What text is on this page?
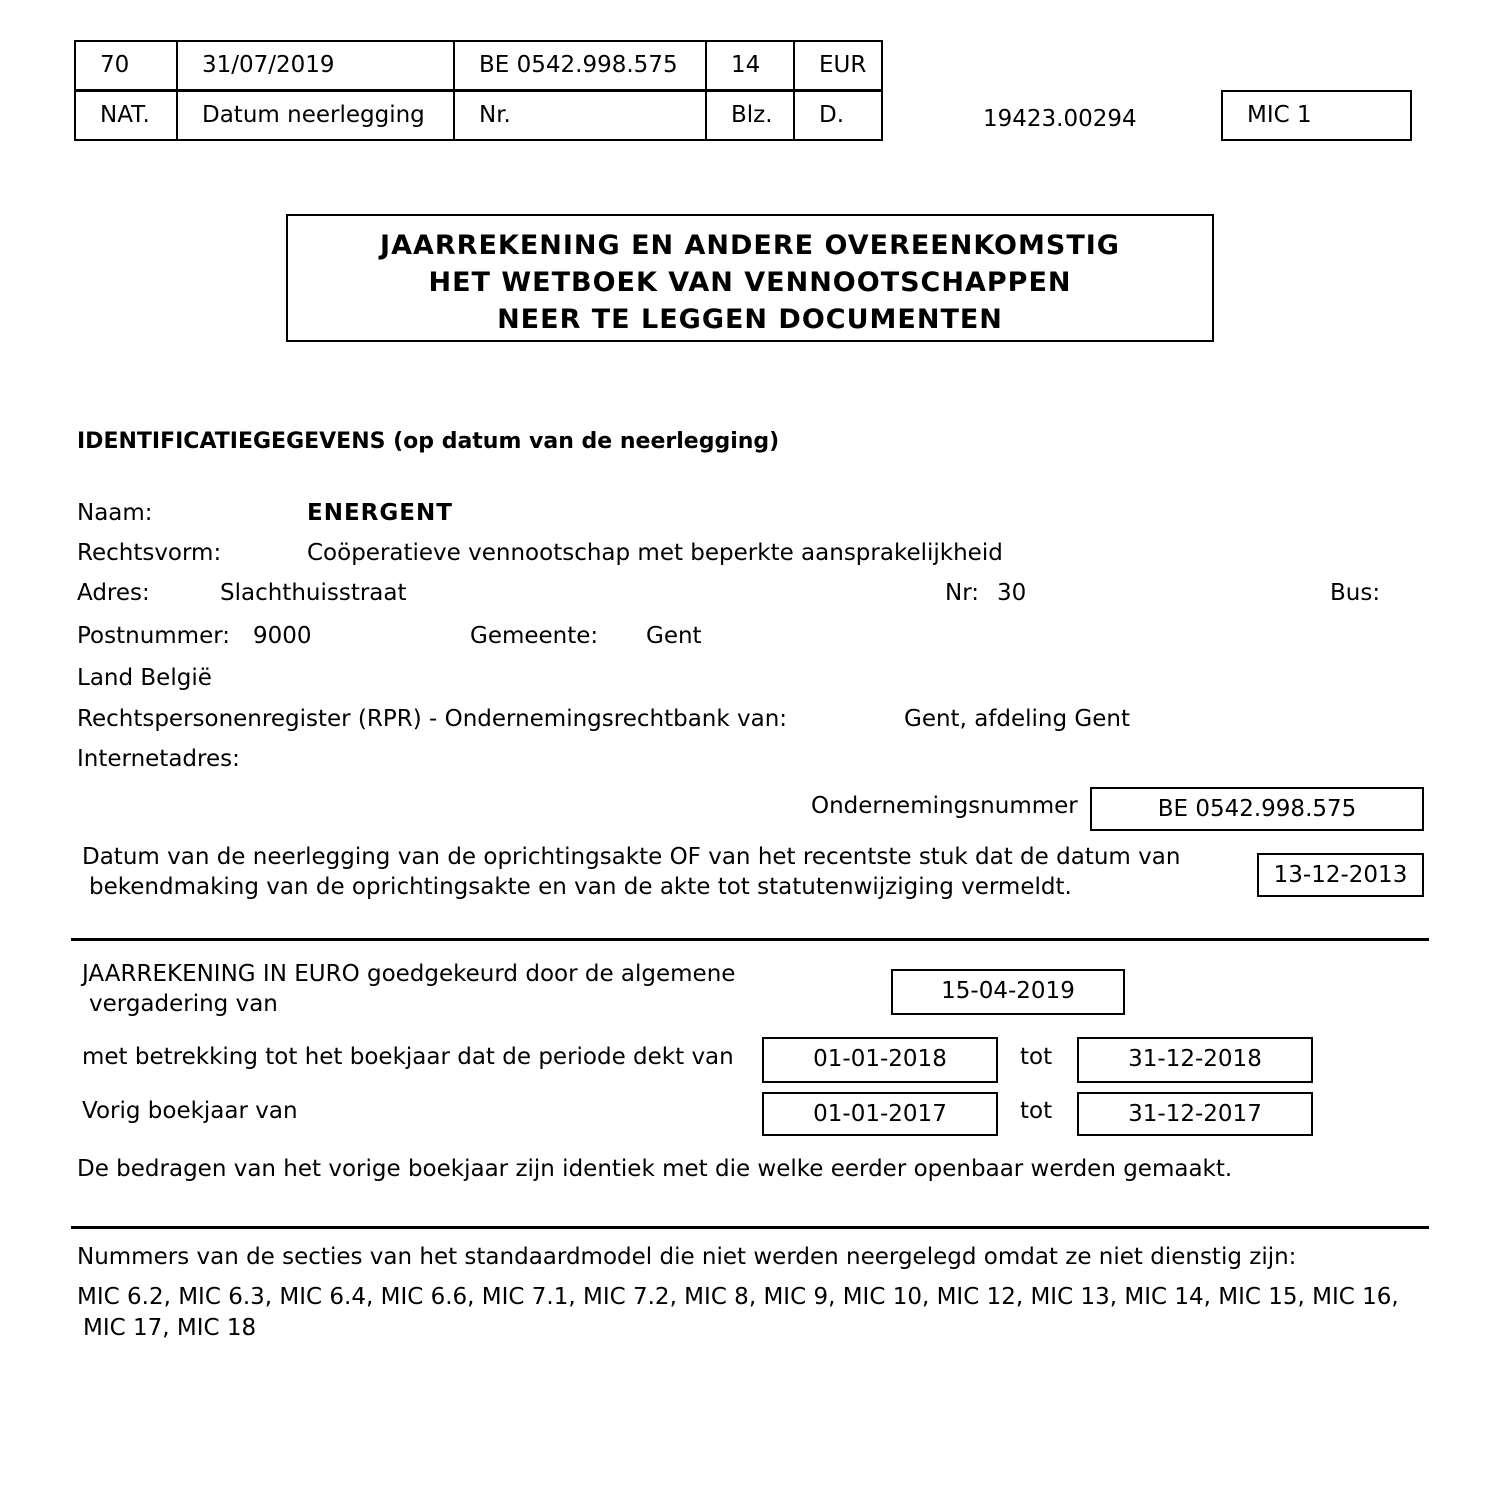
70	31/07/2019	BE 0542.998.575	14	EUR
NAT.	Datum neerlegging	Nr.	Blz.	D.	19423.00294	MIC 1
JAARREKENING EN ANDERE OVEREENKOMSTIG
HET WETBOEK VAN VENNOOTSCHAPPEN
NEER TE LEGGEN DOCUMENTEN
IDENTIFICATIEGEGEVENS (op datum van de neerlegging)
Naam:	ENERGENT
Rechtsvorm:	Coöperatieve vennootschap met beperkte aansprakelijkheid
Adres:	Slachthuisstraat	Nr: 30	Bus:
Postnummer: 9000	Gemeente: Gent
Land België
Rechtspersonenregister (RPR) - Ondernemingsrechtbank van:	Gent, afdeling Gent
Internetadres:
Ondernemingsnummer	BE 0542.998.575
Datum van de neerlegging van de oprichtingsakte OF van het recentste stuk dat de datum van
bekendmaking van de oprichtingsakte en van de akte tot statutenwijziging vermeldt.	13-12-2013
JAARREKENING IN EURO goedgekeurd door de algemene
vergadering van	15-04-2019
met betrekking tot het boekjaar dat de periode dekt van	01-01-2018	tot	31-12-2018
Vorig boekjaar van	01-01-2017	tot	31-12-2017
De bedragen van het vorige boekjaar zijn identiek met die welke eerder openbaar werden gemaakt.
Nummers van de secties van het standaardmodel die niet werden neergelegd omdat ze niet dienstig zijn:
MIC 6.2, MIC 6.3, MIC 6.4, MIC 6.6, MIC 7.1, MIC 7.2, MIC 8, MIC 9, MIC 10, MIC 12, MIC 13, MIC 14, MIC 15, MIC 16,
MIC 17, MIC 18
